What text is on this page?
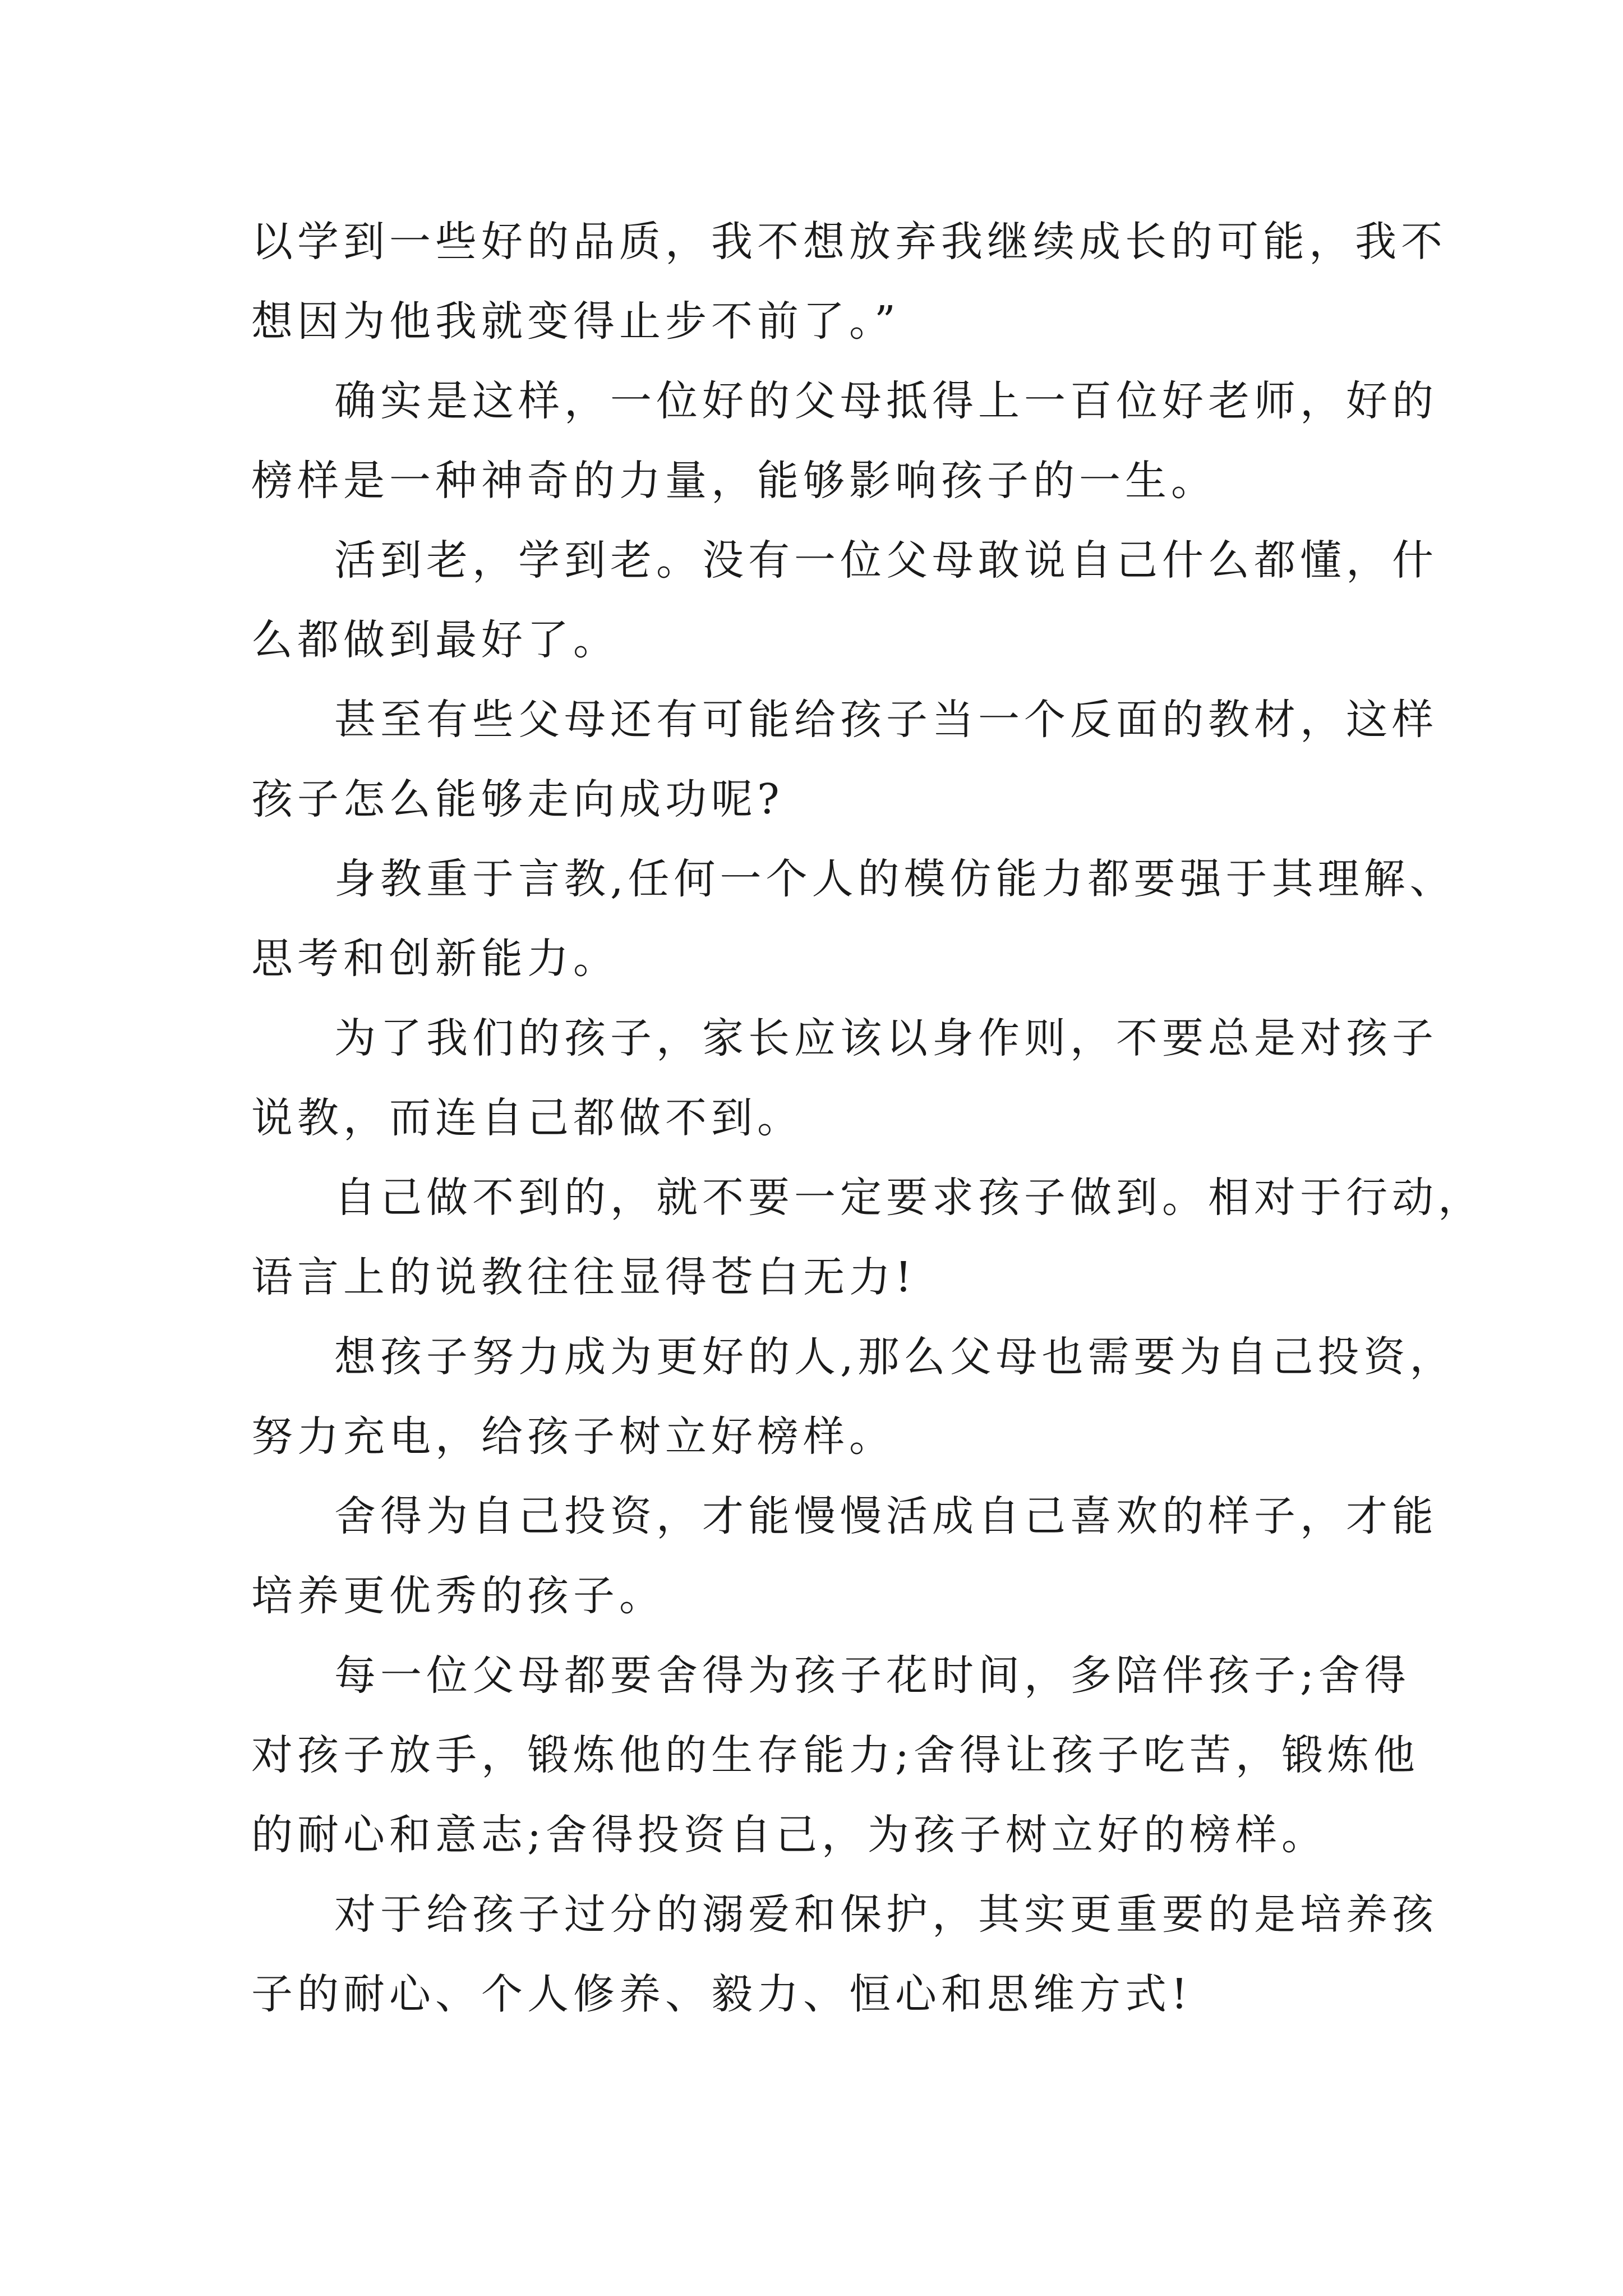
以学到一些好的品质，我不想放弃我继续成长的可能，我不
想因为他我就变得止步不前了。”

确实是这样，一位好的父母抵得上一百位好老师，好的
榜样是一种神奇的力量，能够影响孩子的一生。

活到老，学到老。没有一位父母敢说自己什么都懂，什
么都做到最好了。

甚至有些父母还有可能给孩子当一个反面的教材，这样
孩子怎么能够走向成功呢?

身教重于言教,任何一个人的模仿能力都要强于其理解、
思考和创新能力。

为了我们的孩子，家长应该以身作则，不要总是对孩子
说教，而连自己都做不到。

自己做不到的，就不要一定要求孩子做到。相对于行动，
语言上的说教往往显得苍白无力!

想孩子努力成为更好的人,那么父母也需要为自己投资，
努力充电，给孩子树立好榜样。

舍得为自己投资，才能慢慢活成自己喜欢的样子，才能
培养更优秀的孩子。

每一位父母都要舍得为孩子花时间，多陪伴孩子;舍得
对孩子放手，锻炼他的生存能力;舍得让孩子吃苦，锻炼他
的耐心和意志;舍得投资自己，为孩子树立好的榜样。

对于给孩子过分的溺爱和保护，其实更重要的是培养孩
子的耐心、个人修养、毅力、恒心和思维方式!
